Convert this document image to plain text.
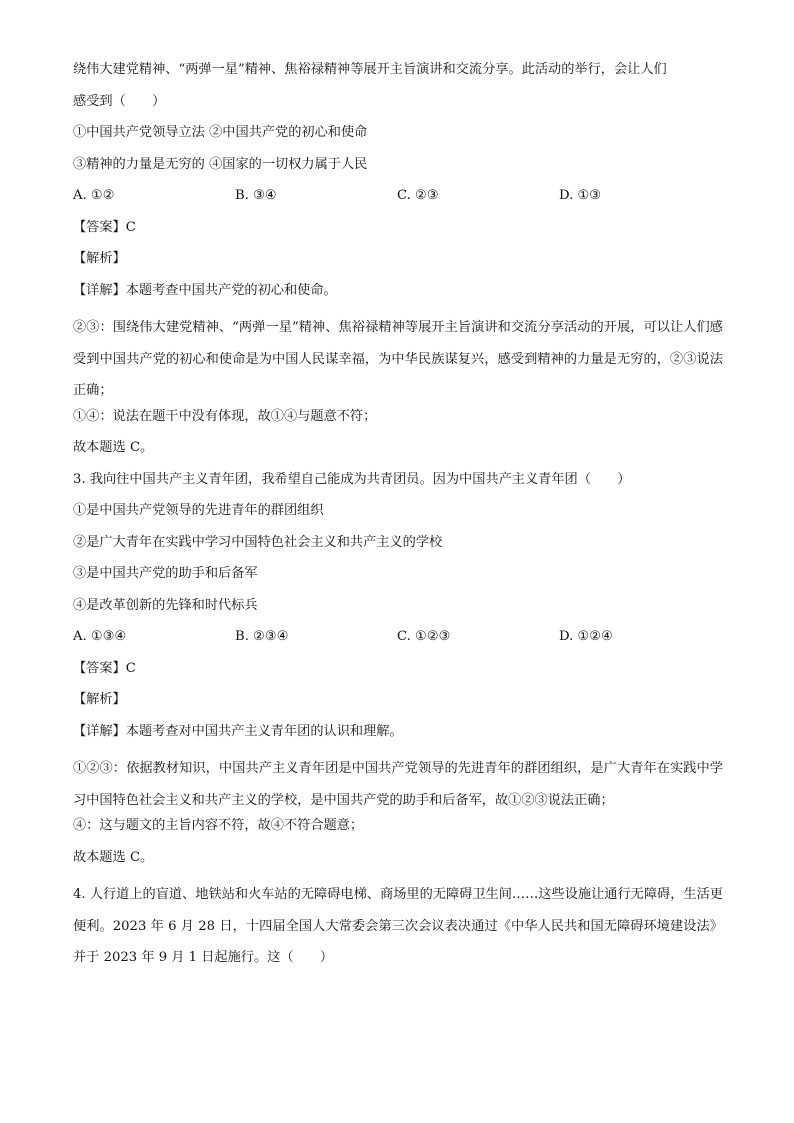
绕伟大建党精神、“两弹一星”精神、焦裕禄精神等展开主旨演讲和交流分享。此活动的举行，会让人们
感受到（　　）
①中国共产党领导立法 ②中国共产党的初心和使命
③精神的力量是无穷的 ④国家的一切权力属于人民
A. ①②	B. ③④	C. ②③	D. ①③
【答案】C
【解析】
【详解】本题考查中国共产党的初心和使命。
②③：围绕伟大建党精神、“两弹一星”精神、焦裕禄精神等展开主旨演讲和交流分享活动的开展，可以让人们感受到中国共产党的初心和使命是为中国人民谋幸福，为中华民族谋复兴，感受到精神的力量是无穷的，②③说法正确；
①④：说法在题干中没有体现，故①④与题意不符；
故本题选 C。
3. 我向往中国共产主义青年团，我希望自己能成为共青团员。因为中国共产主义青年团（　　）
①是中国共产党领导的先进青年的群团组织
②是广大青年在实践中学习中国特色社会主义和共产主义的学校
③是中国共产党的助手和后备军
④是改革创新的先锋和时代标兵
A. ①③④	B. ②③④	C. ①②③	D. ①②④
【答案】C
【解析】
【详解】本题考查对中国共产主义青年团的认识和理解。
①②③：依据教材知识，中国共产主义青年团是中国共产党领导的先进青年的群团组织，是广大青年在实践中学习中国特色社会主义和共产主义的学校，是中国共产党的助手和后备军，故①②③说法正确；
④：这与题文的主旨内容不符，故④不符合题意；
故本题选 C。
4. 人行道上的盲道、地铁站和火车站的无障碍电梯、商场里的无障碍卫生间……这些设施让通行无障碍，生活更便利。2023 年 6 月 28 日，十四届全国人大常委会第三次会议表决通过《中华人民共和国无障碍环境建设法》并于 2023 年 9 月 1 日起施行。这（　　）
